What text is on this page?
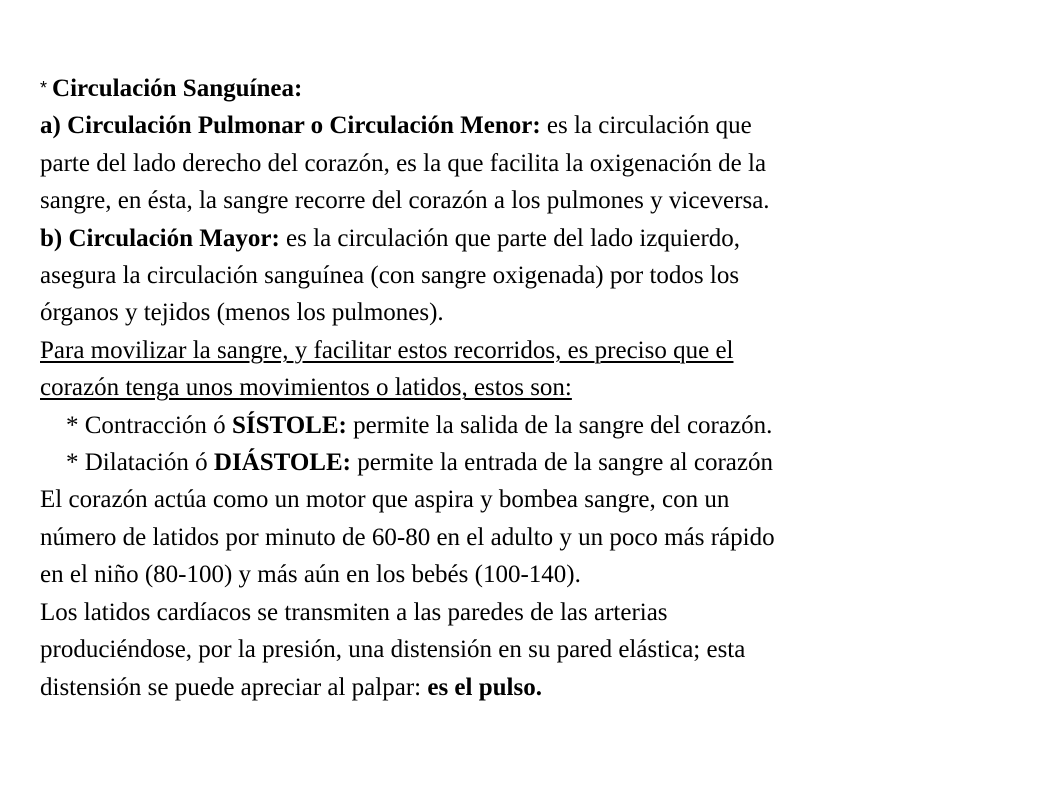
* Circulación Sanguínea:

a) Circulación Pulmonar o Circulación Menor: es la circulación que

parte del lado derecho del corazón, es la que facilita la oxigenación de la

sangre, en ésta, la sangre recorre del corazón a los pulmones y viceversa.

b) Circulación Mayor: es la circulación que parte del lado izquierdo,

asegura la circulación sanguínea (con sangre oxigenada) por todos los

órganos y tejidos (menos los pulmones).

Para movilizar la sangre, y facilitar estos recorridos, es preciso que el

corazón tenga unos movimientos o latidos, estos son:

* Contracción ó SÍSTOLE: permite la salida de la sangre del corazón.

* Dilatación ó DIÁSTOLE: permite la entrada de la sangre al corazón

El corazón actúa como un motor que aspira y bombea sangre, con un

número de latidos por minuto de 60-80 en el adulto y un poco más rápido

en el niño (80-100) y más aún en los bebés (100-140).

Los latidos cardíacos se transmiten a las paredes de las arterias

produciéndose, por la presión, una distensión en su pared elástica; esta

distensión se puede apreciar al palpar: es el pulso.
